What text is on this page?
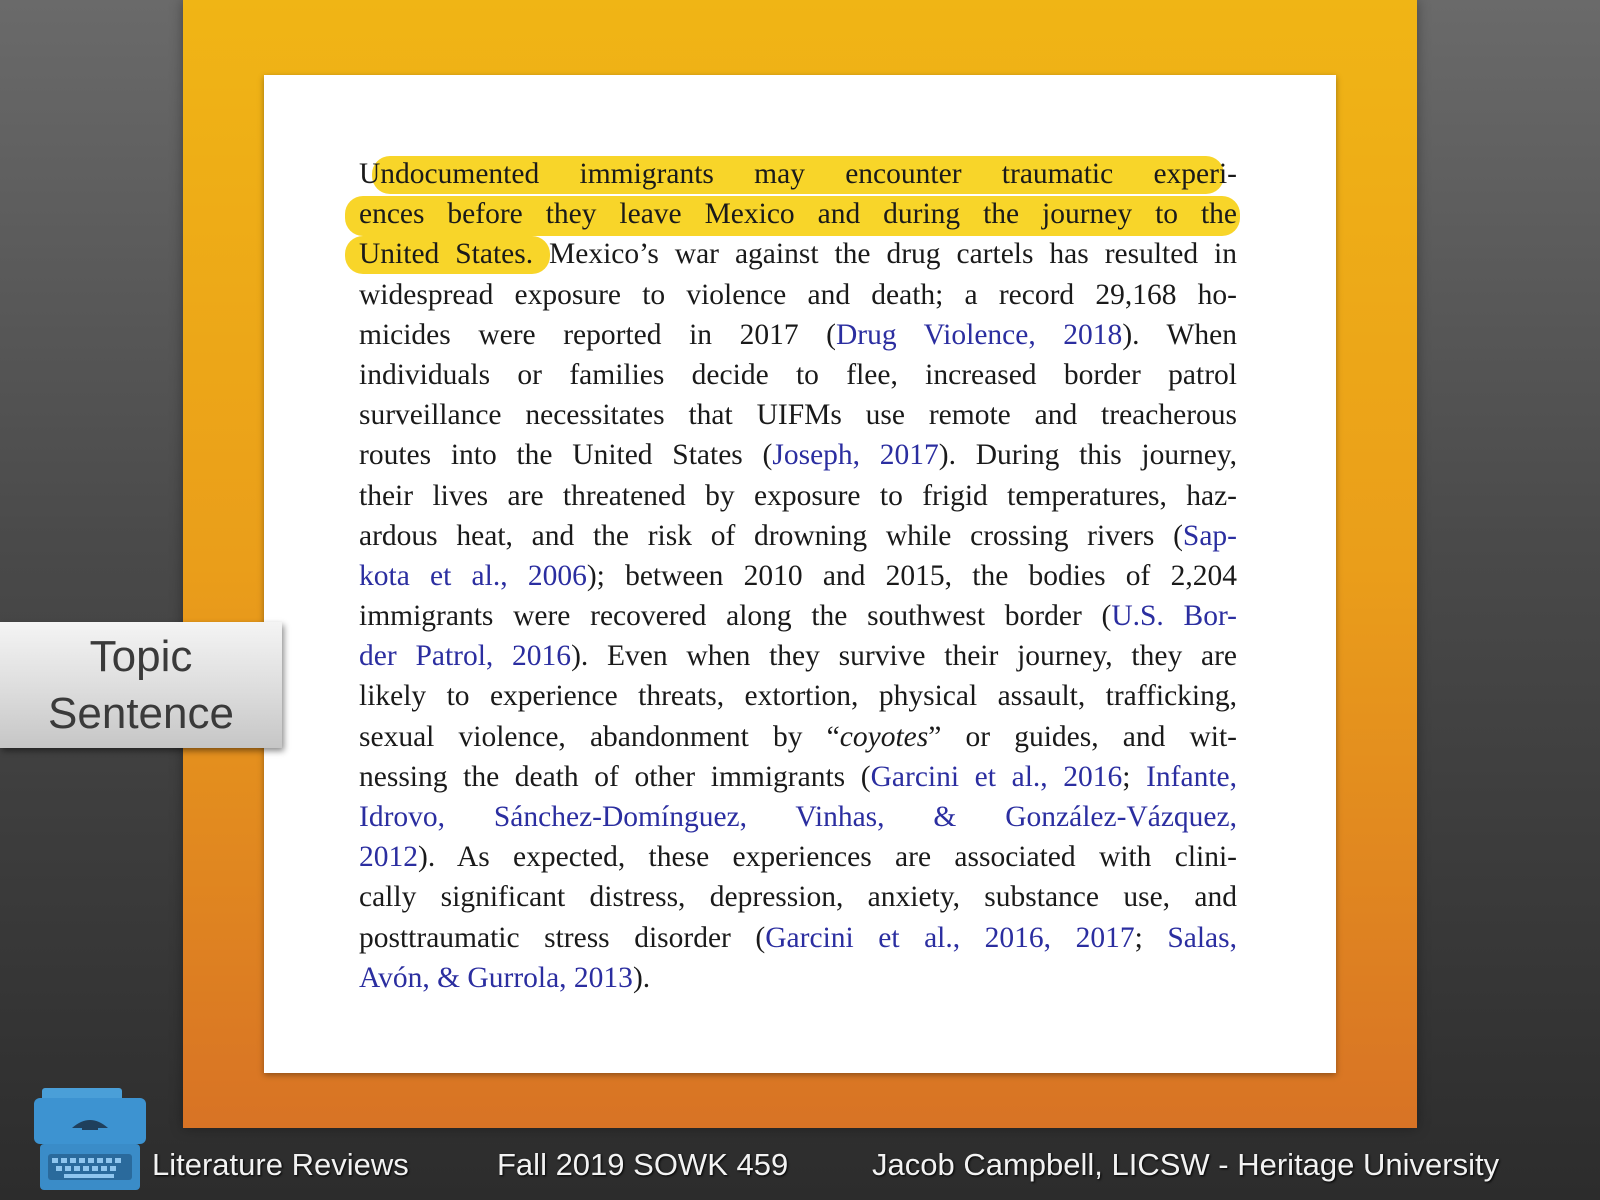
Undocumented immigrants may encounter traumatic experi-
ences before they leave Mexico and during the journey to the
United States. Mexico’s war against the drug cartels has resulted in
widespread exposure to violence and death; a record 29,168 ho-
micides were reported in 2017 (Drug Violence, 2018). When
individuals or families decide to flee, increased border patrol
surveillance necessitates that UIFMs use remote and treacherous
routes into the United States (Joseph, 2017). During this journey,
their lives are threatened by exposure to frigid temperatures, haz-
ardous heat, and the risk of drowning while crossing rivers (Sap-
kota et al., 2006); between 2010 and 2015, the bodies of 2,204
immigrants were recovered along the southwest border (U.S. Bor-
der Patrol, 2016). Even when they survive their journey, they are
likely to experience threats, extortion, physical assault, trafficking,
sexual violence, abandonment by “coyotes” or guides, and wit-
nessing the death of other immigrants (Garcini et al., 2016; Infante,
Idrovo, Sánchez-Domínguez, Vinhas, & González-Vázquez,
2012). As expected, these experiences are associated with clini-
cally significant distress, depression, anxiety, substance use, and
posttraumatic stress disorder (Garcini et al., 2016, 2017; Salas,
Avón, & Gurrola, 2013).
Topic
Sentence
Literature Reviews	Fall 2019 SOWK 459	Jacob Campbell, LICSW - Heritage University
